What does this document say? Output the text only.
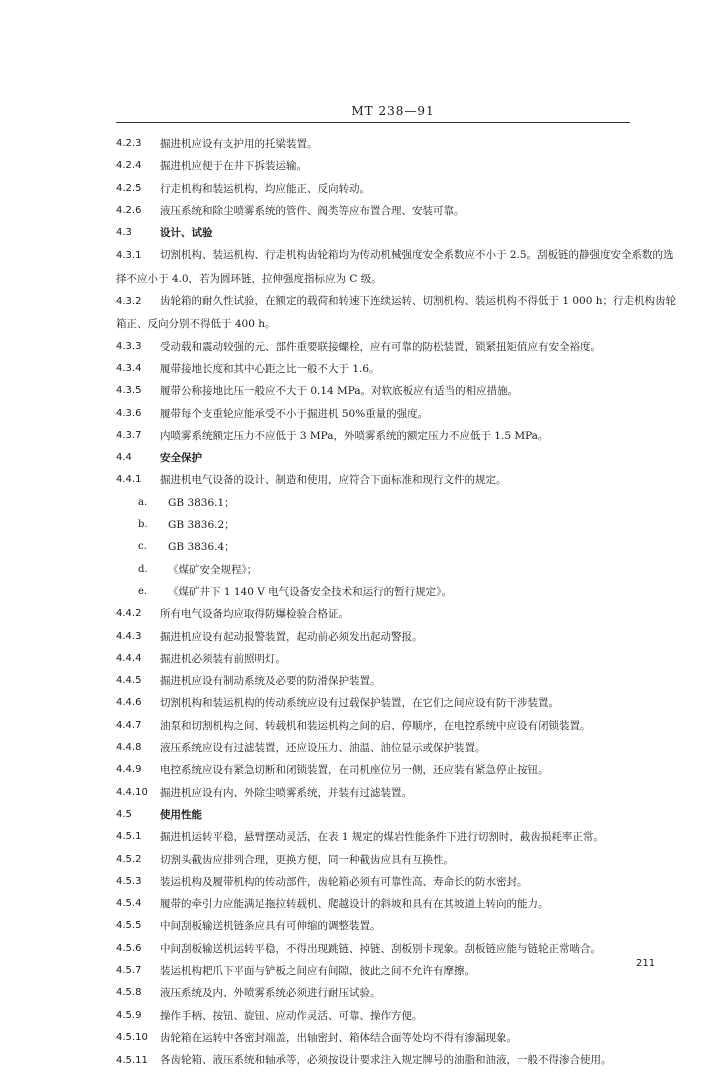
MT 238—91
4.2.3	掘进机应设有支护用的托梁装置。
4.2.4	掘进机应便于在井下拆装运输。
4.2.5	行走机构和装运机构，均应能正、反向转动。
4.2.6	液压系统和除尘喷雾系统的管件、阀类等应布置合理、安装可靠。
4.3	设计、试验
4.3.1 切割机构、装运机构、行走机构齿轮箱均为传动机械强度安全系数应不小于 2.5。刮板链的静强度安全系数的选择不应小于 4.0，若为圆环链，拉伸强度指标应为 C 级。
4.3.2 齿轮箱的耐久性试验，在额定的载荷和转速下连续运转、切割机构、装运机构不得低于 1 000 h；行走机构齿轮箱正、反向分别不得低于 400 h。
4.3.3	受动载和震动较强的元、部件重要联接螺栓，应有可靠的防松装置，锁紧扭矩值应有安全裕度。
4.3.4	履带接地长度和其中心距之比一般不大于 1.6。
4.3.5	履带公称接地比压一般应不大于 0.14 MPa。对软底板应有适当的相应措施。
4.3.6	履带每个支重轮应能承受不小于掘进机 50%重量的强度。
4.3.7	内喷雾系统额定压力不应低于 3 MPa，外喷雾系统的额定压力不应低于 1.5 MPa。
4.4	安全保护
4.4.1	掘进机电气设备的设计、制造和使用，应符合下面标准和现行文件的规定。
a.	GB 3836.1；
b.	GB 3836.2；
c.	GB 3836.4；
d.	《煤矿安全规程》；
e.	《煤矿井下 1 140 V 电气设备安全技术和运行的暂行规定》。
4.4.2	所有电气设备均应取得防爆检验合格证。
4.4.3	掘进机应设有起动报警装置，起动前必须发出起动警报。
4.4.4	掘进机必须装有前照明灯。
4.4.5	掘进机应设有制动系统及必要的防滑保护装置。
4.4.6	切割机构和装运机构的传动系统应设有过载保护装置，在它们之间应设有防干涉装置。
4.4.7	油泵和切割机构之间、转载机和装运机构之间的启、停顺序，在电控系统中应设有闭锁装置。
4.4.8	液压系统应设有过滤装置，还应设压力、油温、油位显示或保护装置。
4.4.9	电控系统应设有紧急切断和闭锁装置，在司机座位另一侧，还应装有紧急停止按钮。
4.4.10	掘进机应设有内、外除尘喷雾系统，并装有过滤装置。
4.5	使用性能
4.5.1	掘进机运转平稳，悬臂摆动灵活，在表 1 规定的煤岩性能条件下进行切割时，截齿损耗率正常。
4.5.2	切割头截齿应排列合理，更换方便，同一种截齿应具有互换性。
4.5.3	装运机构及履带机构的传动部件，齿轮箱必须有可靠性高、寿命长的防水密封。
4.5.4	履带的牵引力应能满足拖拉转载机、爬越设计的斜坡和具有在其坡道上转向的能力。
4.5.5	中间刮板输送机链条应具有可伸缩的调整装置。
4.5.6	中间刮板输送机运转平稳，不得出现跳链、掉链、刮板别卡现象。刮板链应能与链轮正常啮合。
4.5.7	装运机构耙爪下平面与铲板之间应有间隙，彼此之间不允许有摩擦。
4.5.8	液压系统及内、外喷雾系统必须进行耐压试验。
4.5.9	操作手柄、按钮、旋钮、应动作灵活、可靠、操作方便。
4.5.10	齿轮箱在运转中各密封端盖，出轴密封、箱体结合面等处均不得有渗漏现象。
4.5.11 各齿轮箱、液压系统和轴承等，必须按设计要求注入规定牌号的油脂和油液，一般不得渗合使用。
211
